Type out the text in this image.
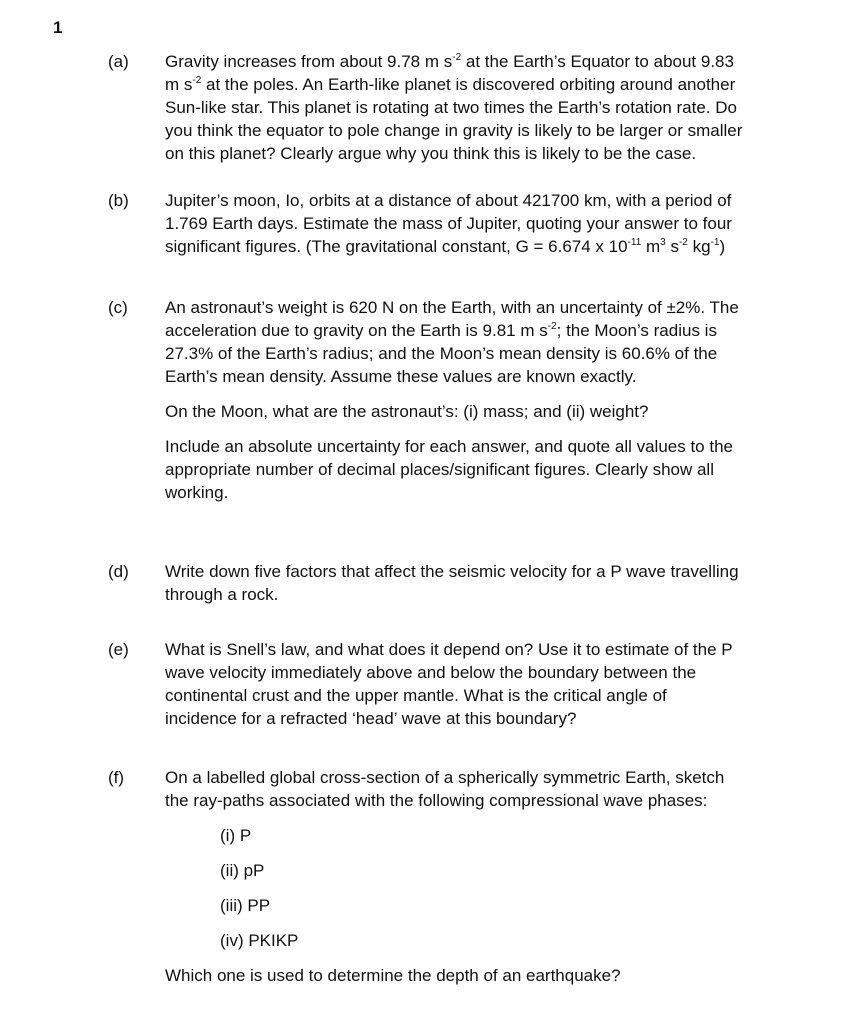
1
(a) Gravity increases from about 9.78 m $s^{-2}$ at the Earth’s Equator to about 9.83

m $s^{-2}$ at the poles. An Earth-like planet is discovered orbiting around another

Sun-like star. This planet is rotating at two times the Earth’s rotation rate. Do

you think the equator to pole change in gravity is likely to be larger or smaller

on this planet? Clearly argue why you think this is likely to be the case.

(b) Jupiter’s moon, Io, orbits at a distance of about 421700 km, with a period of

1.769 Earth days. Estimate the mass of Jupiter, quoting your answer to four

significant figures. (The gravitational constant, G = 6.674 x $10^{-11}$ $m^3$ $s^{-2}$ $kg^{-1}$)

(c) An astronaut’s weight is 620 N on the Earth, with an uncertainty of ±2%. The

acceleration due to gravity on the Earth is 9.81 m $s^{-2}$; the Moon’s radius is

27.3% of the Earth’s radius; and the Moon’s mean density is 60.6% of the

Earth’s mean density. Assume these values are known exactly.

On the Moon, what are the astronaut’s: (i) mass; and (ii) weight?

Include an absolute uncertainty for each answer, and quote all values to the

appropriate number of decimal places/significant figures. Clearly show all

working.

(d) Write down five factors that affect the seismic velocity for a P wave travelling

through a rock.

(e) What is Snell’s law, and what does it depend on? Use it to estimate of the P

wave velocity immediately above and below the boundary between the

continental crust and the upper mantle. What is the critical angle of

incidence for a refracted ‘head’ wave at this boundary?

(f) On a labelled global cross-section of a spherically symmetric Earth, sketch

the ray-paths associated with the following compressional wave phases:

(i) P

(ii) pP

(iii) PP

(iv) PKIKP

Which one is used to determine the depth of an earthquake?
